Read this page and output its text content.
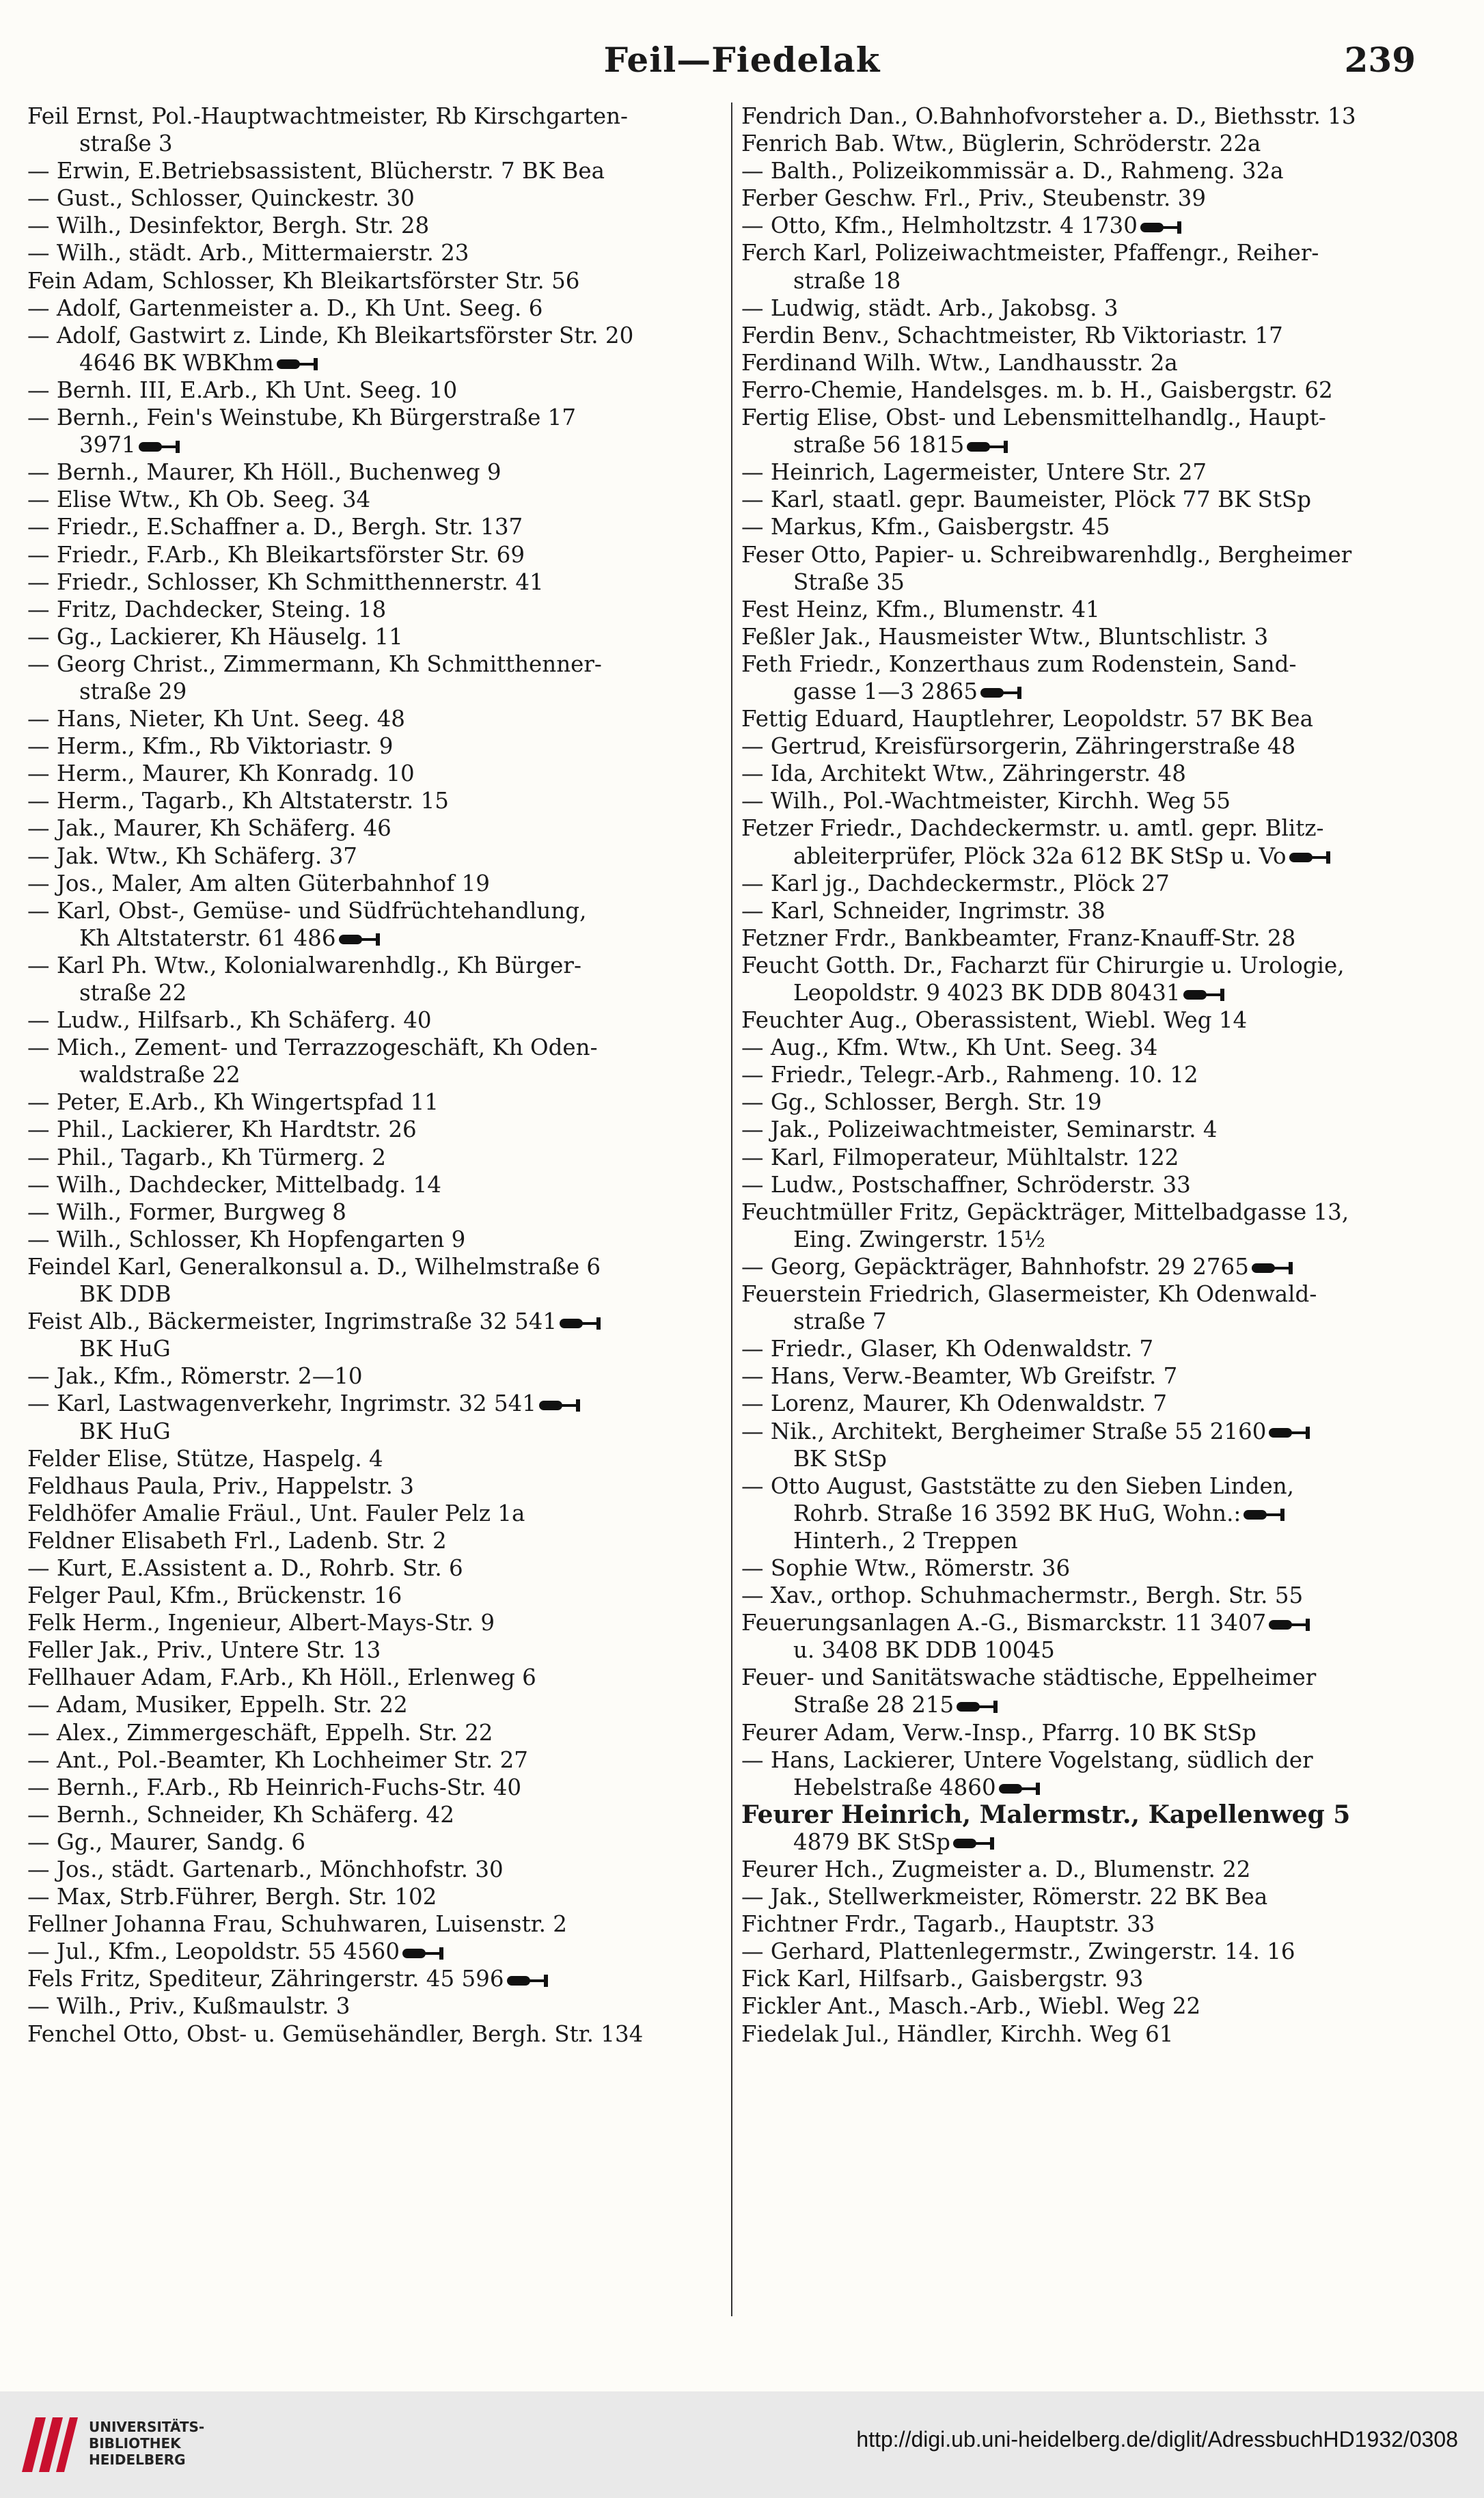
Feil—Fiedelak	239
Feil Ernst, Pol.-Hauptwachtmeister, Rb Kirschgarten-
straße 3
— Erwin, E.Betriebsassistent, Blücherstr. 7 BK Bea
— Gust., Schlosser, Quinckestr. 30
— Wilh., Desinfektor, Bergh. Str. 28
— Wilh., städt. Arb., Mittermaierstr. 23
Fein Adam, Schlosser, Kh Bleikartsförster Str. 56
— Adolf, Gartenmeister a. D., Kh Unt. Seeg. 6
— Adolf, Gastwirt z. Linde, Kh Bleikartsförster Str. 20
4646 BK WBKhm
— Bernh. III, E.Arb., Kh Unt. Seeg. 10
— Bernh., Fein's Weinstube, Kh Bürgerstraße 17
3971
— Bernh., Maurer, Kh Höll., Buchenweg 9
— Elise Wtw., Kh Ob. Seeg. 34
— Friedr., E.Schaffner a. D., Bergh. Str. 137
— Friedr., F.Arb., Kh Bleikartsförster Str. 69
— Friedr., Schlosser, Kh Schmitthennerstr. 41
— Fritz, Dachdecker, Steing. 18
— Gg., Lackierer, Kh Häuselg. 11
— Georg Christ., Zimmermann, Kh Schmitthenner-
straße 29
— Hans, Nieter, Kh Unt. Seeg. 48
— Herm., Kfm., Rb Viktoriastr. 9
— Herm., Maurer, Kh Konradg. 10
— Herm., Tagarb., Kh Altstaterstr. 15
— Jak., Maurer, Kh Schäferg. 46
— Jak. Wtw., Kh Schäferg. 37
— Jos., Maler, Am alten Güterbahnhof 19
— Karl, Obst-, Gemüse- und Südfrüchtehandlung,
Kh Altstaterstr. 61 486
— Karl Ph. Wtw., Kolonialwarenhdlg., Kh Bürger-
straße 22
— Ludw., Hilfsarb., Kh Schäferg. 40
— Mich., Zement- und Terrazzogeschäft, Kh Oden-
waldstraße 22
— Peter, E.Arb., Kh Wingertspfad 11
— Phil., Lackierer, Kh Hardtstr. 26
— Phil., Tagarb., Kh Türmerg. 2
— Wilh., Dachdecker, Mittelbadg. 14
— Wilh., Former, Burgweg 8
— Wilh., Schlosser, Kh Hopfengarten 9
Feindel Karl, Generalkonsul a. D., Wilhelmstraße 6
BK DDB
Feist Alb., Bäckermeister, Ingrimstraße 32 541
BK HuG
— Jak., Kfm., Römerstr. 2—10
— Karl, Lastwagenverkehr, Ingrimstr. 32 541
BK HuG
Felder Elise, Stütze, Haspelg. 4
Feldhaus Paula, Priv., Happelstr. 3
Feldhöfer Amalie Fräul., Unt. Fauler Pelz 1a
Feldner Elisabeth Frl., Ladenb. Str. 2
— Kurt, E.Assistent a. D., Rohrb. Str. 6
Felger Paul, Kfm., Brückenstr. 16
Felk Herm., Ingenieur, Albert-Mays-Str. 9
Feller Jak., Priv., Untere Str. 13
Fellhauer Adam, F.Arb., Kh Höll., Erlenweg 6
— Adam, Musiker, Eppelh. Str. 22
— Alex., Zimmergeschäft, Eppelh. Str. 22
— Ant., Pol.-Beamter, Kh Lochheimer Str. 27
— Bernh., F.Arb., Rb Heinrich-Fuchs-Str. 40
— Bernh., Schneider, Kh Schäferg. 42
— Gg., Maurer, Sandg. 6
— Jos., städt. Gartenarb., Mönchhofstr. 30
— Max, Strb.Führer, Bergh. Str. 102
Fellner Johanna Frau, Schuhwaren, Luisenstr. 2
— Jul., Kfm., Leopoldstr. 55 4560
Fels Fritz, Spediteur, Zähringerstr. 45 596
— Wilh., Priv., Kußmaulstr. 3
Fenchel Otto, Obst- u. Gemüsehändler, Bergh. Str. 134
Fendrich Dan., O.Bahnhofvorsteher a. D., Biethsstr. 13
Fenrich Bab. Wtw., Büglerin, Schröderstr. 22a
— Balth., Polizeikommissär a. D., Rahmeng. 32a
Ferber Geschw. Frl., Priv., Steubenstr. 39
— Otto, Kfm., Helmholtzstr. 4 1730
Ferch Karl, Polizeiwachtmeister, Pfaffengr., Reiher-
straße 18
— Ludwig, städt. Arb., Jakobsg. 3
Ferdin Benv., Schachtmeister, Rb Viktoriastr. 17
Ferdinand Wilh. Wtw., Landhausstr. 2a
Ferro-Chemie, Handelsges. m. b. H., Gaisbergstr. 62
Fertig Elise, Obst- und Lebensmittelhandlg., Haupt-
straße 56 1815
— Heinrich, Lagermeister, Untere Str. 27
— Karl, staatl. gepr. Baumeister, Plöck 77 BK StSp
— Markus, Kfm., Gaisbergstr. 45
Feser Otto, Papier- u. Schreibwarenhdlg., Bergheimer
Straße 35
Fest Heinz, Kfm., Blumenstr. 41
Feßler Jak., Hausmeister Wtw., Bluntschlistr. 3
Feth Friedr., Konzerthaus zum Rodenstein, Sand-
gasse 1—3 2865
Fettig Eduard, Hauptlehrer, Leopoldstr. 57 BK Bea
— Gertrud, Kreisfürsorgerin, Zähringerstraße 48
— Ida, Architekt Wtw., Zähringerstr. 48
— Wilh., Pol.-Wachtmeister, Kirchh. Weg 55
Fetzer Friedr., Dachdeckermstr. u. amtl. gepr. Blitz-
ableiterprüfer, Plöck 32a 612 BK StSp u. Vo
— Karl jg., Dachdeckermstr., Plöck 27
— Karl, Schneider, Ingrimstr. 38
Fetzner Frdr., Bankbeamter, Franz-Knauff-Str. 28
Feucht Gotth. Dr., Facharzt für Chirurgie u. Urologie,
Leopoldstr. 9 4023 BK DDB 80431
Feuchter Aug., Oberassistent, Wiebl. Weg 14
— Aug., Kfm. Wtw., Kh Unt. Seeg. 34
— Friedr., Telegr.-Arb., Rahmeng. 10. 12
— Gg., Schlosser, Bergh. Str. 19
— Jak., Polizeiwachtmeister, Seminarstr. 4
— Karl, Filmoperateur, Mühltalstr. 122
— Ludw., Postschaffner, Schröderstr. 33
Feuchtmüller Fritz, Gepäckträger, Mittelbadgasse 13,
Eing. Zwingerstr. 15½
— Georg, Gepäckträger, Bahnhofstr. 29 2765
Feuerstein Friedrich, Glasermeister, Kh Odenwald-
straße 7
— Friedr., Glaser, Kh Odenwaldstr. 7
— Hans, Verw.-Beamter, Wb Greifstr. 7
— Lorenz, Maurer, Kh Odenwaldstr. 7
— Nik., Architekt, Bergheimer Straße 55 2160
BK StSp
— Otto August, Gaststätte zu den Sieben Linden,
Rohrb. Straße 16 3592 BK HuG, Wohn.:
Hinterh., 2 Treppen
— Sophie Wtw., Römerstr. 36
— Xav., orthop. Schuhmachermstr., Bergh. Str. 55
Feuerungsanlagen A.-G., Bismarckstr. 11 3407
u. 3408 BK DDB 10045
Feuer- und Sanitätswache städtische, Eppelheimer
Straße 28 215
Feurer Adam, Verw.-Insp., Pfarrg. 10 BK StSp
— Hans, Lackierer, Untere Vogelstang, südlich der
Hebelstraße 4860
Feurer Heinrich, Malermstr., Kapellenweg 5
4879 BK StSp
Feurer Hch., Zugmeister a. D., Blumenstr. 22
— Jak., Stellwerkmeister, Römerstr. 22 BK Bea
Fichtner Frdr., Tagarb., Hauptstr. 33
— Gerhard, Plattenlegermstr., Zwingerstr. 14. 16
Fick Karl, Hilfsarb., Gaisbergstr. 93
Fickler Ant., Masch.-Arb., Wiebl. Weg 22
Fiedelak Jul., Händler, Kirchh. Weg 61
UNIVERSITÄTS-
BIBLIOTHEK
HEIDELBERG
http://digi.ub.uni-heidelberg.de/diglit/AdressbuchHD1932/0308
